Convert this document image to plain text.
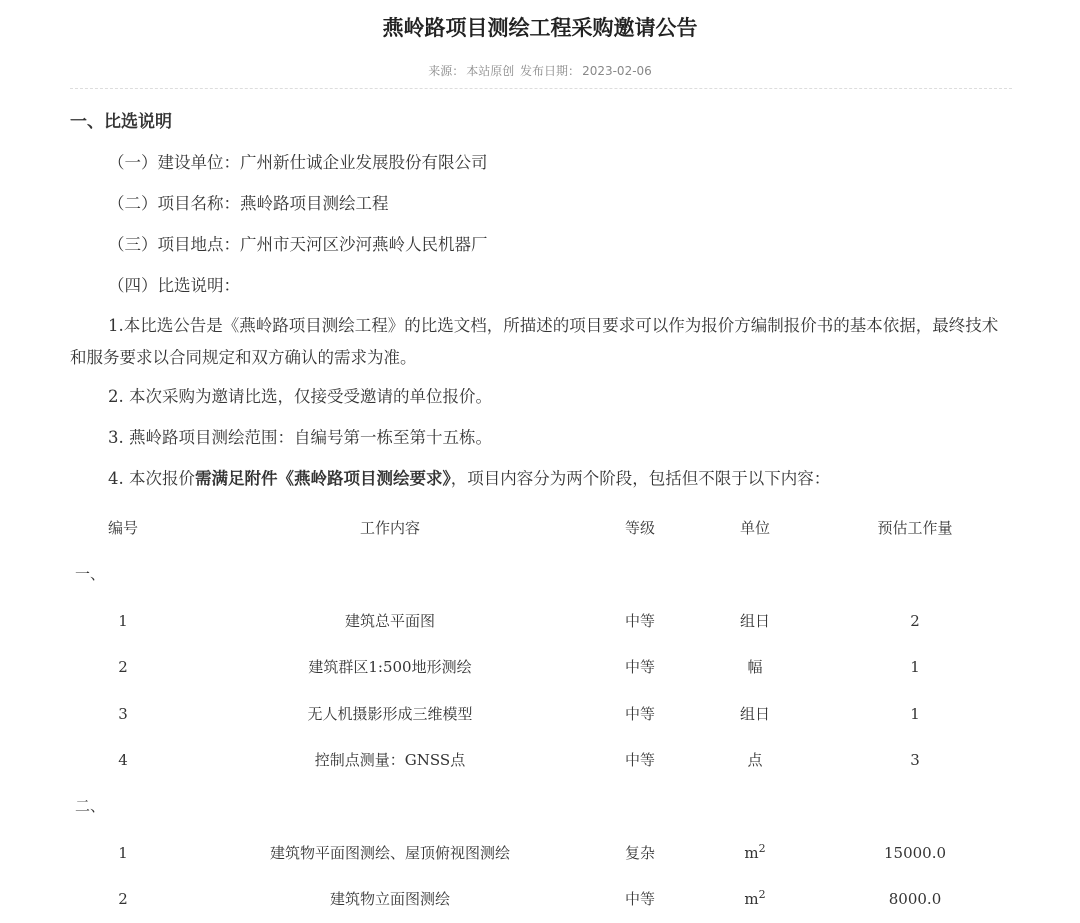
燕岭路项目测绘工程采购邀请公告
来源： 本站原创 发布日期： 2023-02-06
一、比选说明
（一）建设单位：广州新仕诚企业发展股份有限公司
（二）项目名称：燕岭路项目测绘工程
（三）项目地点：广州市天河区沙河燕岭人民机器厂
（四）比选说明：
1.本比选公告是《燕岭路项目测绘工程》的比选文档，所描述的项目要求可以作为报价方编制报价书的基本依据，最终技术和服务要求以合同规定和双方确认的需求为准。
2. 本次采购为邀请比选，仅接受受邀请的单位报价。
3. 燕岭路项目测绘范围：自编号第一栋至第十五栋。
4. 本次报价需满足附件《燕岭路项目测绘要求》，项目内容分为两个阶段，包括但不限于以下内容：
编号	工作内容	等级	单位	预估工作量
一、
1	建筑总平面图	中等	组日	2
2	建筑群区1:500地形测绘	中等	幅	1
3	无人机摄影形成三维模型	中等	组日	1
4	控制点测量：GNSS点	中等	点	3
二、
1	建筑物平面图测绘、屋顶俯视图测绘	复杂	$m^2$	15000.0
2	建筑物立面图测绘	中等	$m^2$	8000.0
